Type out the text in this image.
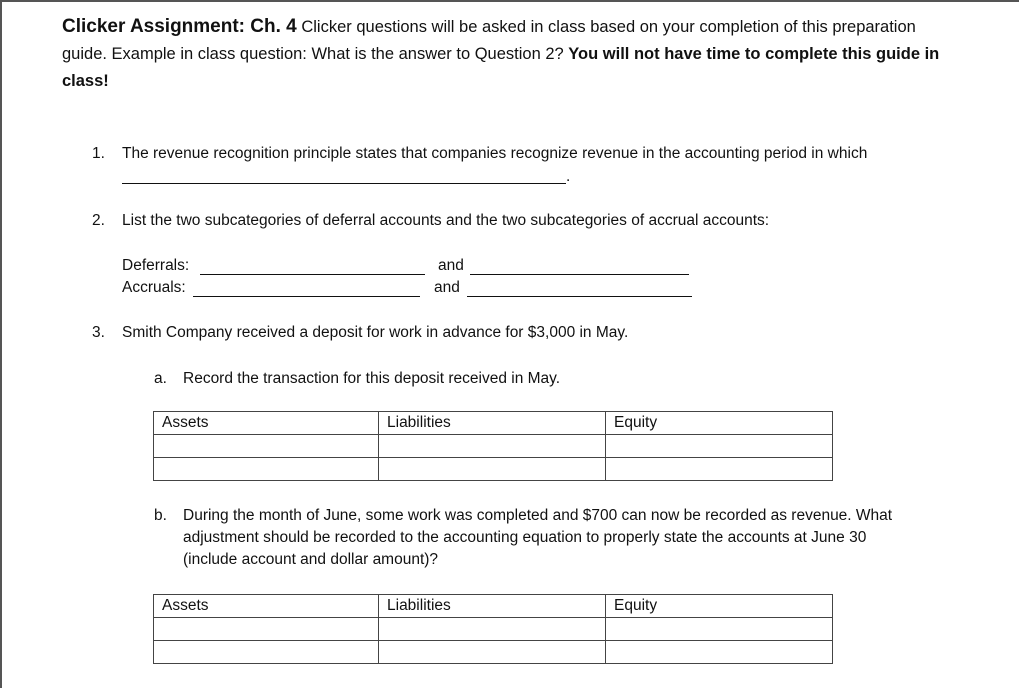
Clicker Assignment: Ch. 4 Clicker questions will be asked in class based on your completion of this preparation guide. Example in class question: What is the answer to Question 2? You will not have time to complete this guide in class!
1. The revenue recognition principle states that companies recognize revenue in the accounting period in which
.
2. List the two subcategories of deferral accounts and the two subcategories of accrual accounts:
Deferrals:	and
Accruals:	and
3. Smith Company received a deposit for work in advance for $3,000 in May.
a. Record the transaction for this deposit received in May.
Assets	Liabilities	Equity

b. During the month of June, some work was completed and $700 can now be recorded as revenue. What
adjustment should be recorded to the accounting equation to properly state the accounts at June 30
(include account and dollar amount)?
Assets	Liabilities	Equity
